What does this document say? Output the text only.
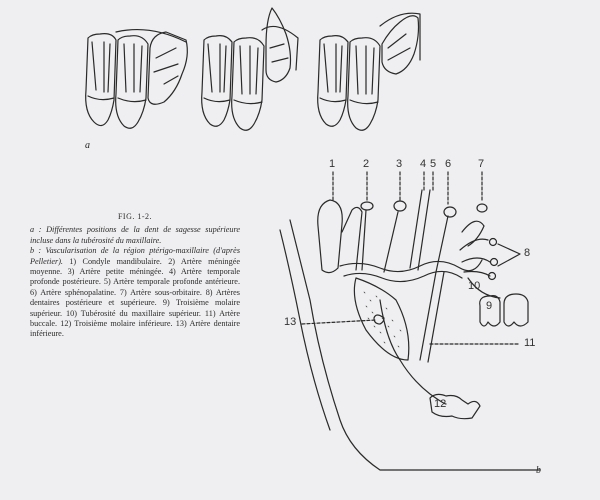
a
b
1	2 3 4 5 6 7
8
9
10
11
12
13
FIG. 1-2.
a : Différentes positions de la dent de sagesse supérieure incluse dans la tubérosité du maxillaire.
b : Vascularisation de la région ptérigo-maxillaire (d'après Pelletier). 1) Condyle mandibulaire. 2) Artère méningée moyenne. 3) Artère petite méningée. 4) Artère temporale profonde postérieure. 5) Artère temporale profonde antérieure. 6) Artère sphénopalatine. 7) Artère sous-orbitaire. 8) Artères dentaires postérieure et supérieure. 9) Troisième molaire supérieur. 10) Tubérosité du maxillaire supérieur. 11) Artère buccale. 12) Troisième molaire inférieure. 13) Artère dentaire inférieure.
